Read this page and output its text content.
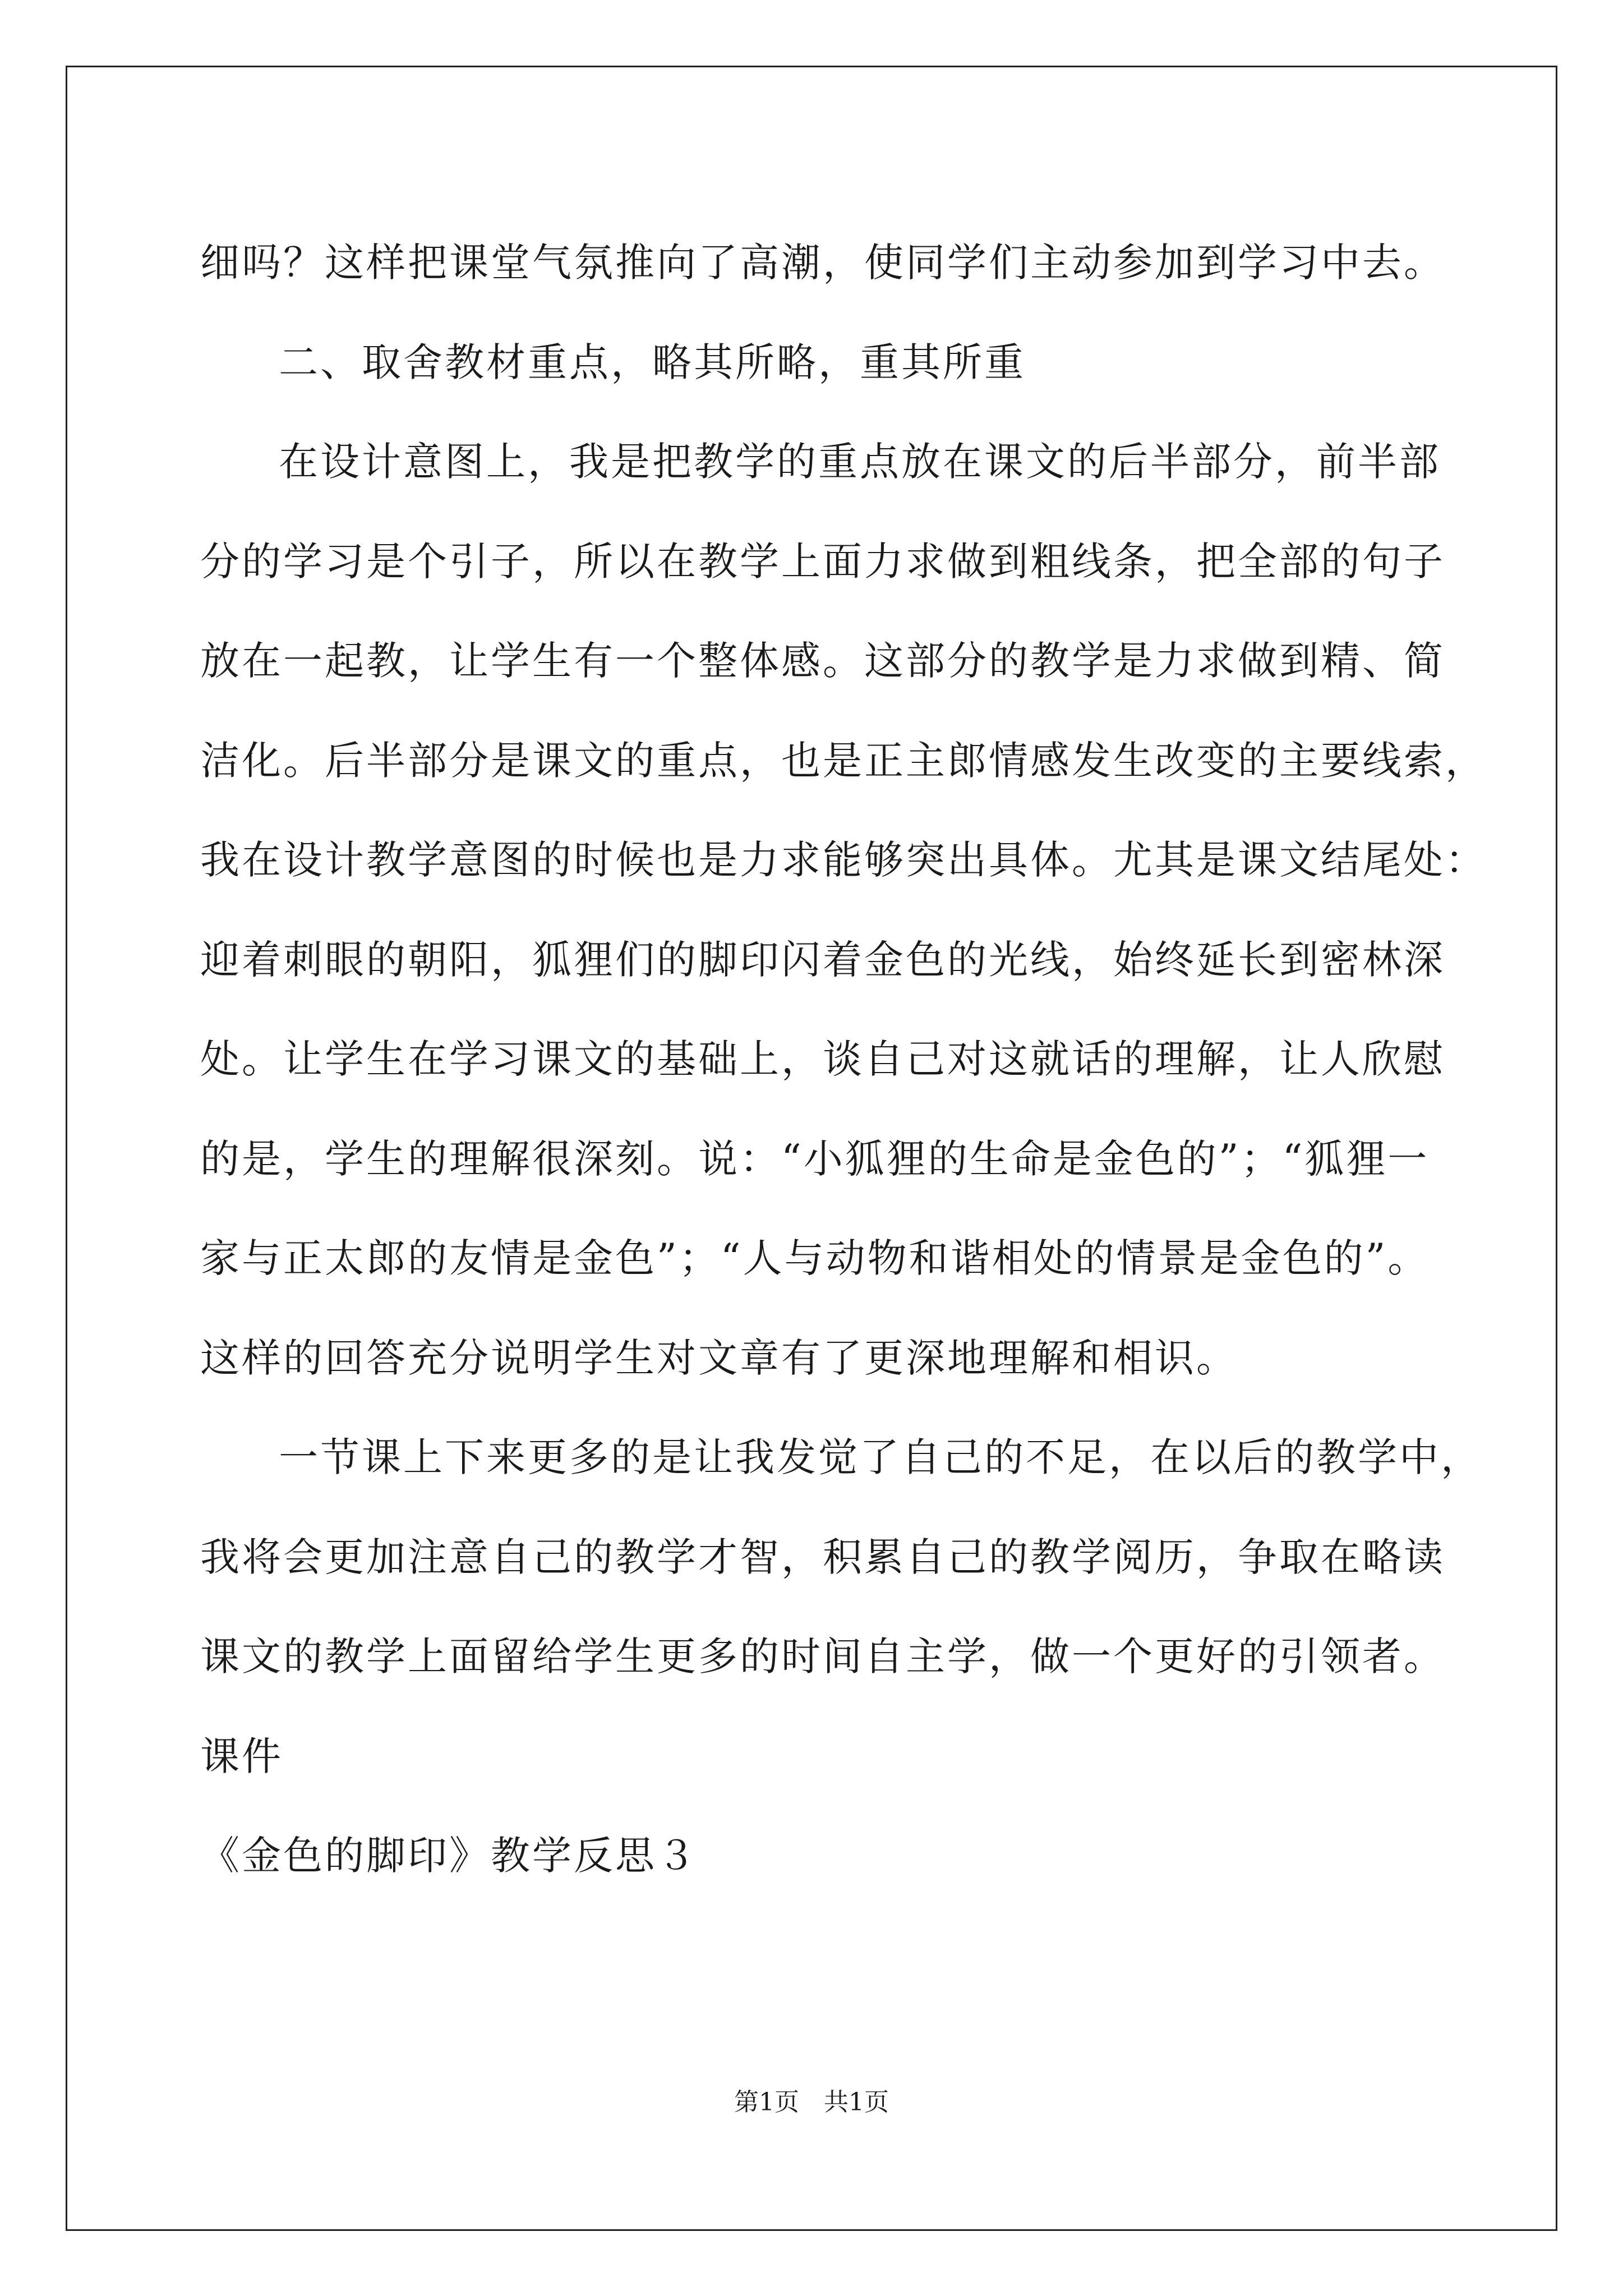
细吗？这样把课堂气氛推向了高潮，使同学们主动参加到学习中去。
二、取舍教材重点，略其所略，重其所重
在设计意图上，我是把教学的重点放在课文的后半部分，前半部
分的学习是个引子，所以在教学上面力求做到粗线条，把全部的句子
放在一起教，让学生有一个整体感。这部分的教学是力求做到精、简
洁化。后半部分是课文的重点，也是正主郎情感发生改变的主要线索，
我在设计教学意图的时候也是力求能够突出具体。尤其是课文结尾处：
迎着刺眼的朝阳，狐狸们的脚印闪着金色的光线，始终延长到密林深
处。让学生在学习课文的基础上，谈自己对这就话的理解，让人欣慰
的是，学生的理解很深刻。说：“小狐狸的生命是金色的”；“狐狸一
家与正太郎的友情是金色”；“人与动物和谐相处的情景是金色的”。
这样的回答充分说明学生对文章有了更深地理解和相识。
一节课上下来更多的是让我发觉了自己的不足，在以后的教学中，
我将会更加注意自己的教学才智，积累自己的教学阅历，争取在略读
课文的教学上面留给学生更多的时间自主学，做一个更好的引领者。
课件
《金色的脚印》教学反思３
第1页　共1页
